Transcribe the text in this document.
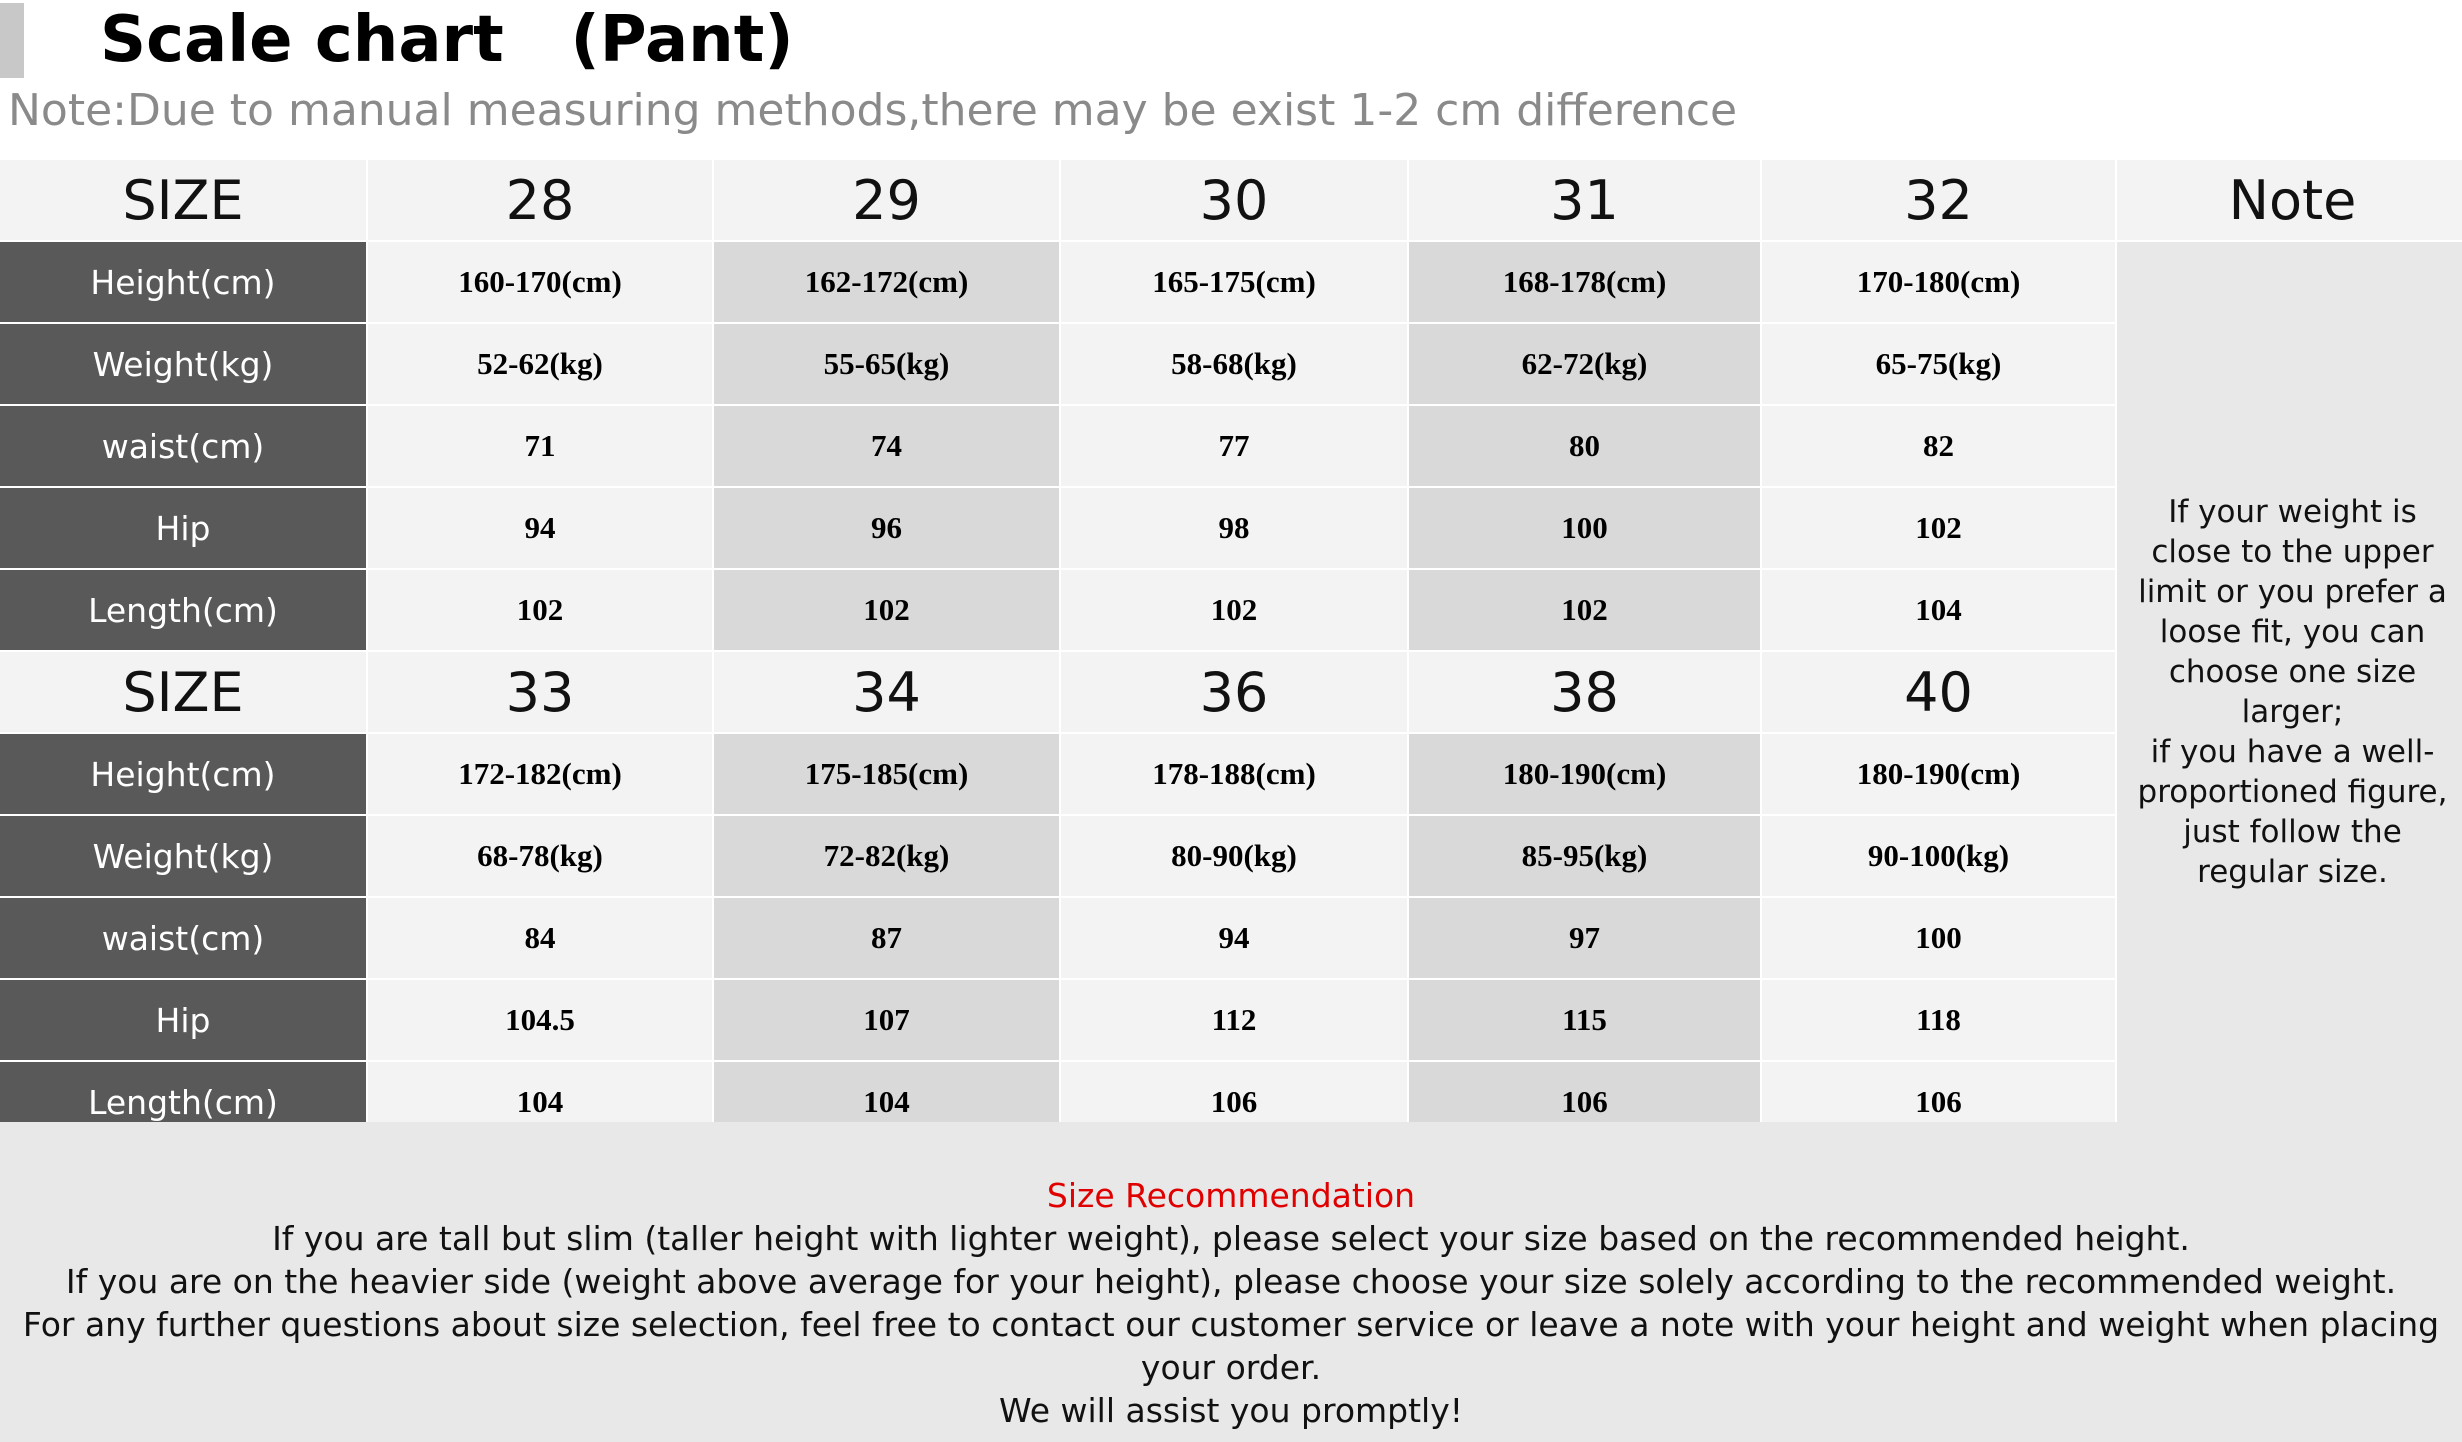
Scale chart   (Pant)
Note:Due to manual measuring methods,there may be exist 1-2 cm difference
SIZE	28	29	30	31	32	Note
Height(cm)	160-170(cm)	162-172(cm)	165-175(cm)	168-178(cm)	170-180(cm)
Weight(kg)	52-62(kg)	55-65(kg)	58-68(kg)	62-72(kg)	65-75(kg)
waist(cm)	71	74	77	80	82
Hip	94	96	98	100	102
Length(cm)	102	102	102	102	104
If your weight is close to the upper limit or you prefer a loose fit, you can choose one size larger;
if you have a well-proportioned figure, just follow the regular size.
SIZE	33	34	36	38	40
Height(cm)	172-182(cm)	175-185(cm)	178-188(cm)	180-190(cm)	180-190(cm)
Weight(kg)	68-78(kg)	72-82(kg)	80-90(kg)	85-95(kg)	90-100(kg)
waist(cm)	84	87	94	97	100
Hip	104.5	107	112	115	118
Length(cm)	104	104	106	106	106
Size Recommendation
If you are tall but slim (taller height with lighter weight), please select your size based on the recommended height.
If you are on the heavier side (weight above average for your height), please choose your size solely according to the recommended weight.
For any further questions about size selection, feel free to contact our customer service or leave a note with your height and weight when placing your order.
We will assist you promptly!
